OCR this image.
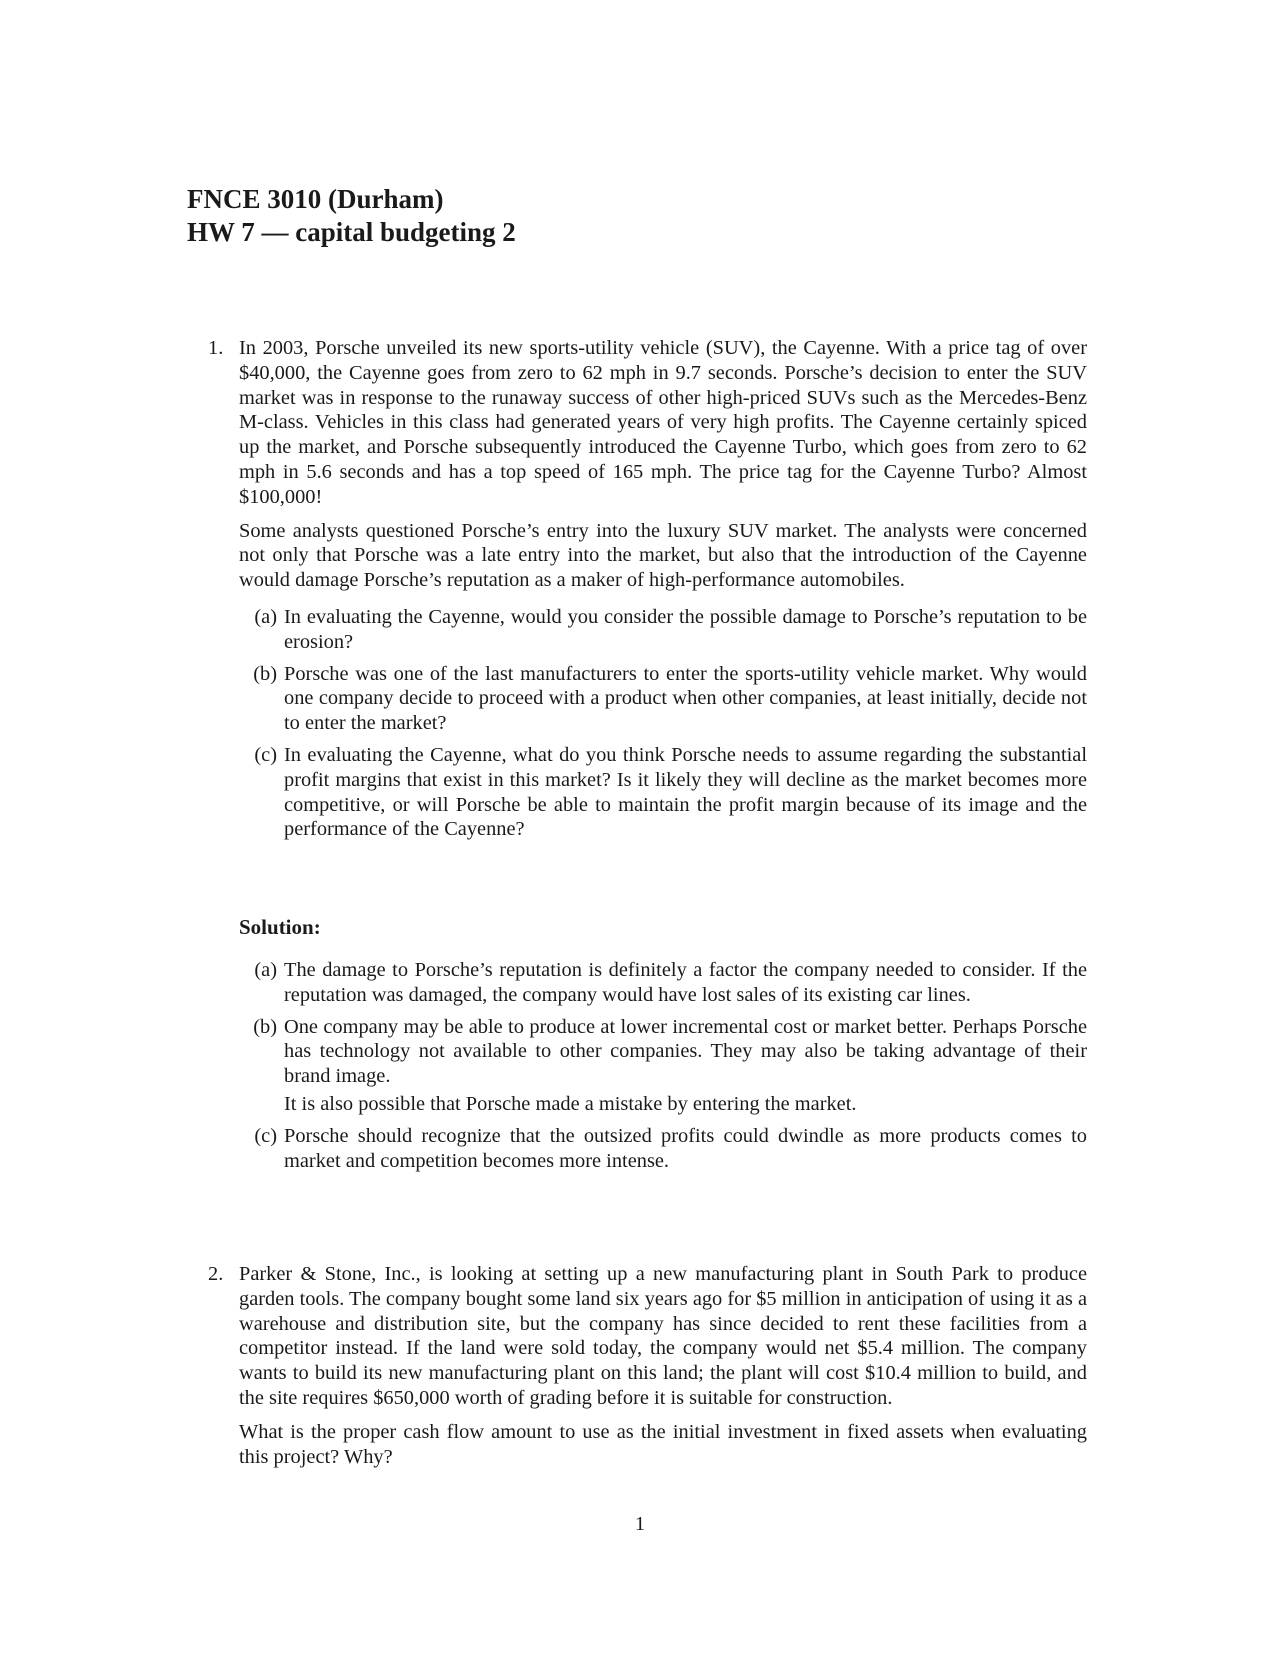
FNCE 3010 (Durham)
HW 7 — capital budgeting 2
1. In 2003, Porsche unveiled its new sports-utility vehicle (SUV), the Cayenne. With a price tag of over $40,000, the Cayenne goes from zero to 62 mph in 9.7 seconds. Porsche’s decision to enter the SUV market was in response to the runaway success of other high-priced SUVs such as the Mercedes-Benz M-class. Vehicles in this class had generated years of very high profits. The Cayenne certainly spiced up the market, and Porsche subsequently introduced the Cayenne Turbo, which goes from zero to 62 mph in 5.6 seconds and has a top speed of 165 mph. The price tag for the Cayenne Turbo? Almost $100,000!

Some analysts questioned Porsche’s entry into the luxury SUV market. The analysts were concerned not only that Porsche was a late entry into the market, but also that the introduction of the Cayenne would damage Porsche’s reputation as a maker of high-performance automobiles.

(a) In evaluating the Cayenne, would you consider the possible damage to Porsche’s reputation to be erosion?
(b) Porsche was one of the last manufacturers to enter the sports-utility vehicle market. Why would one company decide to proceed with a product when other companies, at least initially, decide not to enter the market?
(c) In evaluating the Cayenne, what do you think Porsche needs to assume regarding the substantial profit margins that exist in this market? Is it likely they will decline as the market becomes more competitive, or will Porsche be able to maintain the profit margin because of its image and the performance of the Cayenne?
Solution:
(a) The damage to Porsche’s reputation is definitely a factor the company needed to consider. If the reputation was damaged, the company would have lost sales of its existing car lines.
(b) One company may be able to produce at lower incremental cost or market better. Perhaps Porsche has technology not available to other companies. They may also be taking advantage of their brand image.
It is also possible that Porsche made a mistake by entering the market.
(c) Porsche should recognize that the outsized profits could dwindle as more products comes to market and competition becomes more intense.
2. Parker & Stone, Inc., is looking at setting up a new manufacturing plant in South Park to produce garden tools. The company bought some land six years ago for $5 million in anticipation of using it as a warehouse and distribution site, but the company has since decided to rent these facilities from a competitor instead. If the land were sold today, the company would net $5.4 million. The company wants to build its new manufacturing plant on this land; the plant will cost $10.4 million to build, and the site requires $650,000 worth of grading before it is suitable for construction.

What is the proper cash flow amount to use as the initial investment in fixed assets when evaluating this project? Why?

1
